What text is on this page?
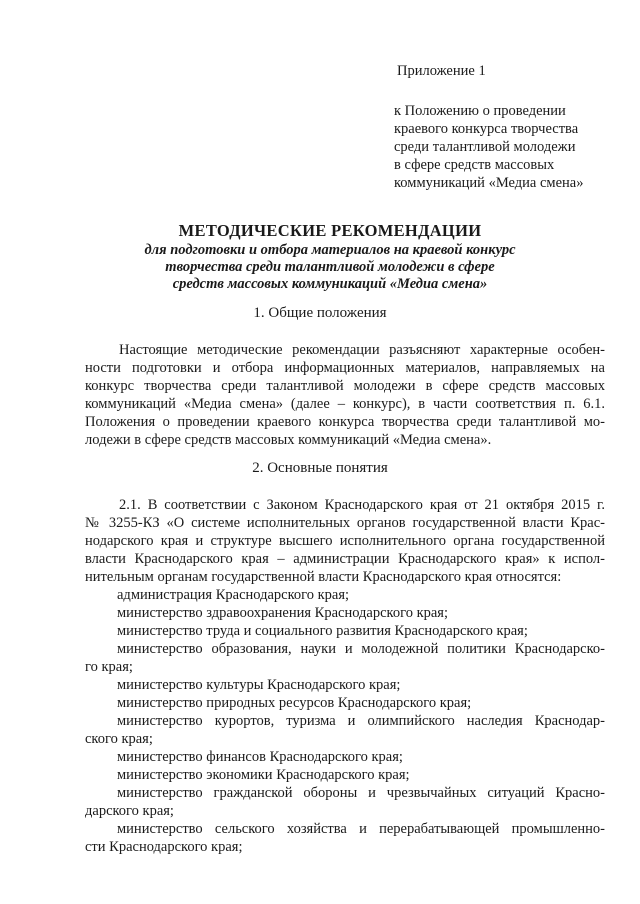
Приложение 1
к Положению о проведении
краевого конкурса творчества
среди талантливой молодежи
в сфере средств массовых
коммуникаций «Медиа смена»
МЕТОДИЧЕСКИЕ РЕКОМЕНДАЦИИ
для подготовки и отбора материалов на краевой конкурс
творчества среди талантливой молодежи в сфере
средств массовых коммуникаций «Медиа смена»
1. Общие положения
Настоящие методические рекомендации разъясняют характерные особен-
ности подготовки и отбора информационных материалов, направляемых на
конкурс творчества среди талантливой молодежи в сфере средств массовых
коммуникаций «Медиа смена» (далее – конкурс), в части соответствия п. 6.1.
Положения о проведении краевого конкурса творчества среди талантливой мо-
лодежи в сфере средств массовых коммуникаций «Медиа смена».
2. Основные понятия
2.1. В соответствии с Законом Краснодарского края от 21 октября 2015 г.
№ 3255-КЗ «О системе исполнительных органов государственной власти Крас-
нодарского края и структуре высшего исполнительного органа государственной
власти Краснодарского края – администрации Краснодарского края» к испол-
нительным органам государственной власти Краснодарского края относятся:
администрация Краснодарского края;
министерство здравоохранения Краснодарского края;
министерство труда и социального развития Краснодарского края;
министерство образования, науки и молодежной политики Краснодарско-
го края;
министерство культуры Краснодарского края;
министерство природных ресурсов Краснодарского края;
министерство курортов, туризма и олимпийского наследия Краснодар-
ского края;
министерство финансов Краснодарского края;
министерство экономики Краснодарского края;
министерство гражданской обороны и чрезвычайных ситуаций Красно-
дарского края;
министерство сельского хозяйства и перерабатывающей промышленно-
сти Краснодарского края;
